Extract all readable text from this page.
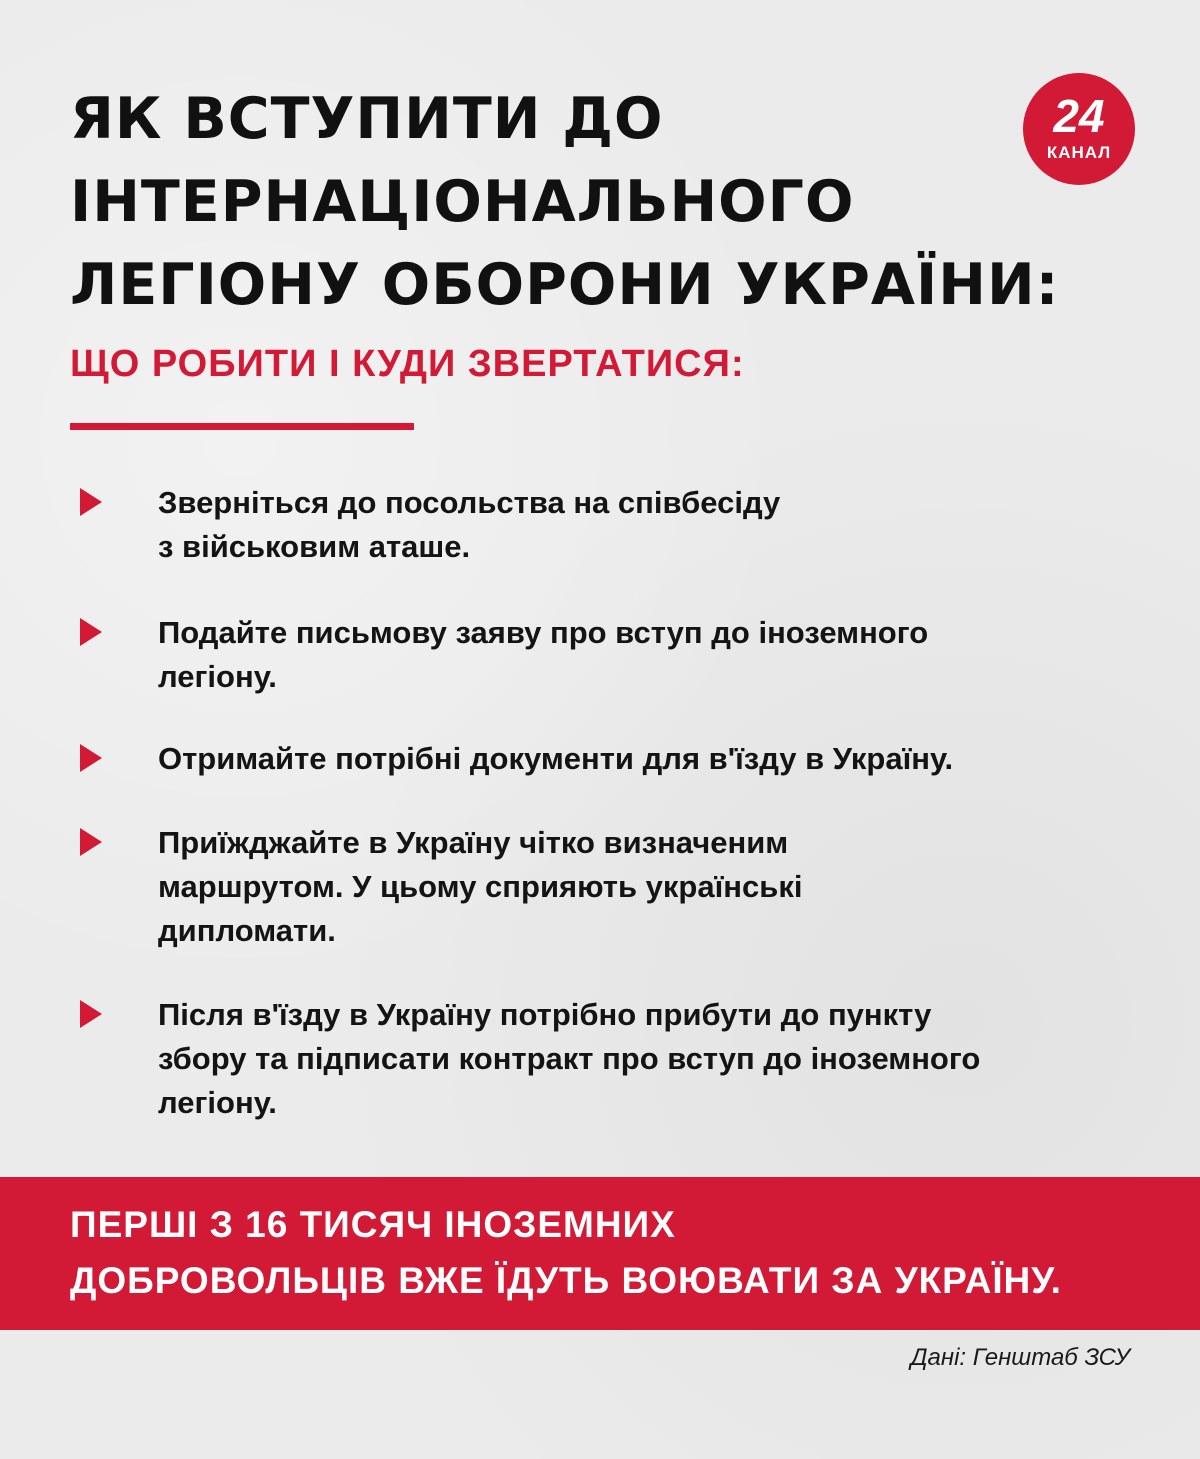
ЯК ВСТУПИТИ ДО
ІНТЕРНАЦІОНАЛЬНОГО
ЛЕГІОНУ ОБОРОНИ УКРАЇНИ:
24
КАНАЛ
ЩО РОБИТИ І КУДИ ЗВЕРТАТИСЯ:
Зверніться до посольства на співбесіду
з військовим аташе.
Подайте письмову заяву про вступ до іноземного
легіону.
Отримайте потрібні документи для в'їзду в Україну.
Приїжджайте в Україну чітко визначеним
маршрутом. У цьому сприяють українські
дипломати.
Після в'їзду в Україну потрібно прибути до пункту
збору та підписати контракт про вступ до іноземного
легіону.
ПЕРШІ З 16 ТИСЯЧ ІНОЗЕМНИХ
ДОБРОВОЛЬЦІВ ВЖЕ ЇДУТЬ ВОЮВАТИ ЗА УКРАЇНУ.
Дані: Генштаб ЗСУ
